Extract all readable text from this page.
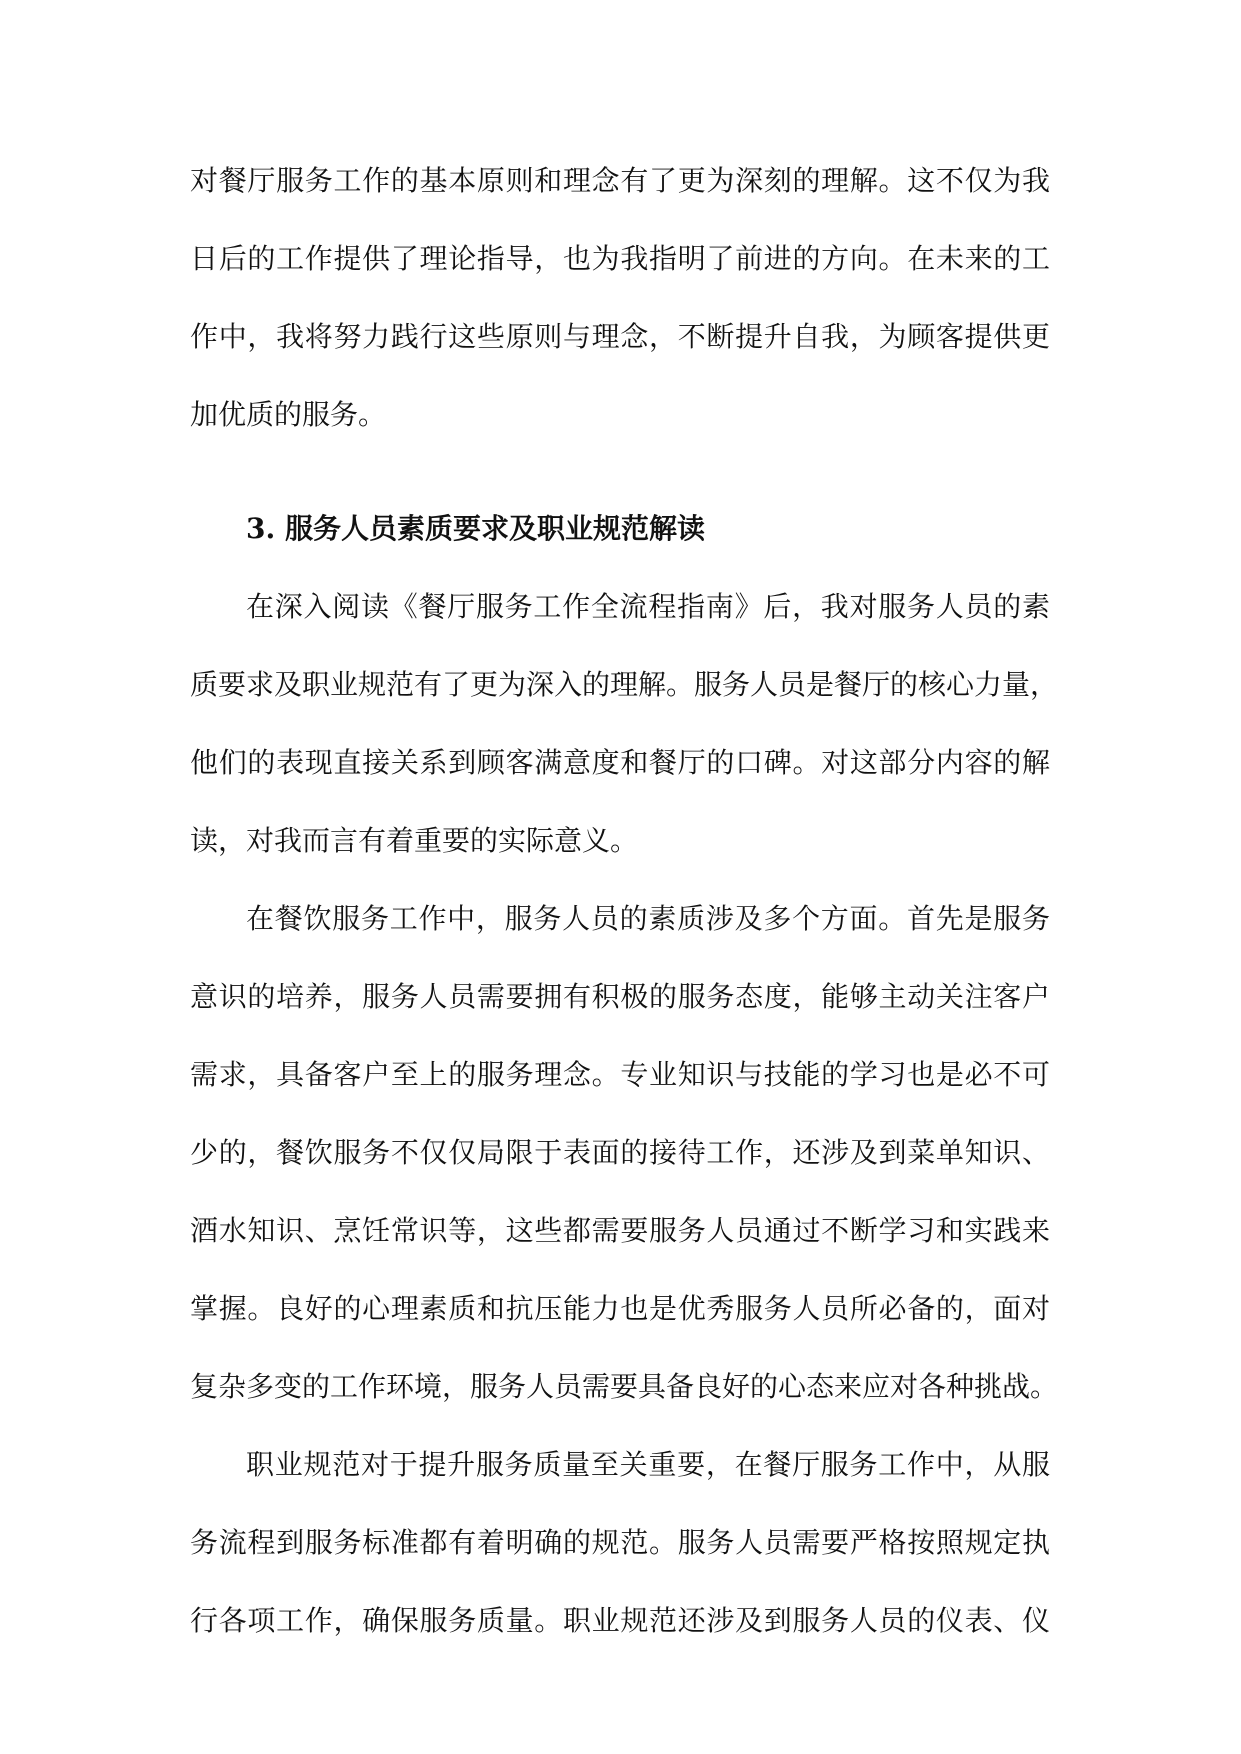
对餐厅服务工作的基本原则和理念有了更为深刻的理解。这不仅为我
日后的工作提供了理论指导，也为我指明了前进的方向。在未来的工
作中，我将努力践行这些原则与理念，不断提升自我，为顾客提供更
加优质的服务。
3. 服务人员素质要求及职业规范解读
在深入阅读《餐厅服务工作全流程指南》后，我对服务人员的素
质要求及职业规范有了更为深入的理解。服务人员是餐厅的核心力量，
他们的表现直接关系到顾客满意度和餐厅的口碑。对这部分内容的解
读，对我而言有着重要的实际意义。
在餐饮服务工作中，服务人员的素质涉及多个方面。首先是服务
意识的培养，服务人员需要拥有积极的服务态度，能够主动关注客户
需求，具备客户至上的服务理念。专业知识与技能的学习也是必不可
少的，餐饮服务不仅仅局限于表面的接待工作，还涉及到菜单知识、
酒水知识、烹饪常识等，这些都需要服务人员通过不断学习和实践来
掌握。良好的心理素质和抗压能力也是优秀服务人员所必备的，面对
复杂多变的工作环境，服务人员需要具备良好的心态来应对各种挑战。
职业规范对于提升服务质量至关重要，在餐厅服务工作中，从服
务流程到服务标准都有着明确的规范。服务人员需要严格按照规定执
行各项工作，确保服务质量。职业规范还涉及到服务人员的仪表、仪
